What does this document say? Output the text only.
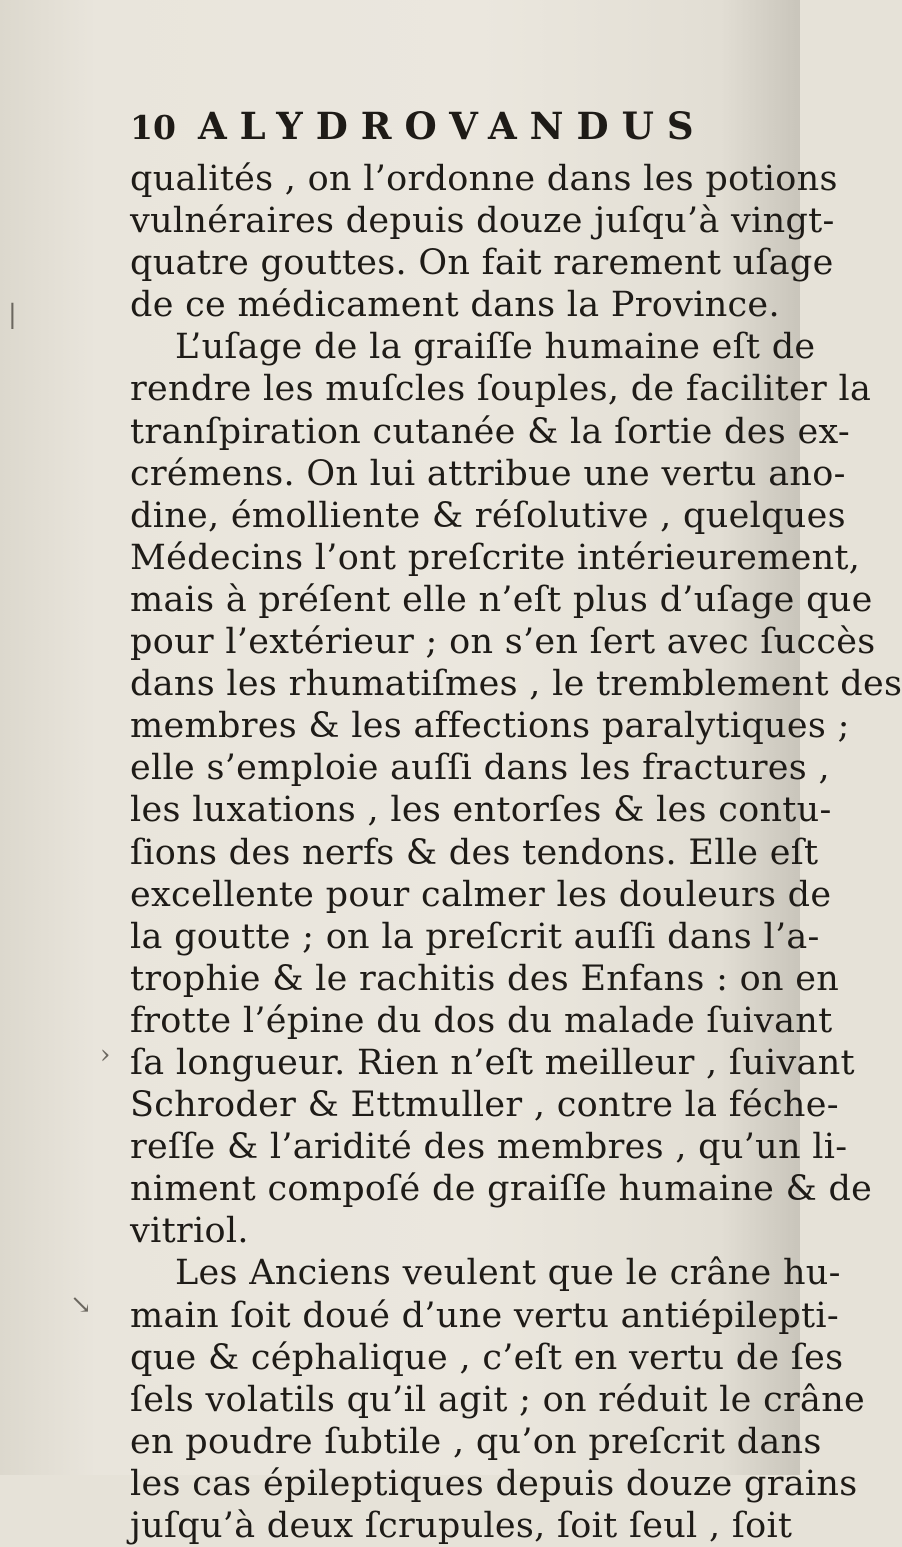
10 ALYDROVANDUS
qualités , on l’ordonne dans les potions
vulnéraires depuis douze juſqu’à vingt-
quatre gouttes. On fait rarement uſage
de ce médicament dans la Province.
L’uſage de la graiſſe humaine eſt de
rendre les muſcles ſouples, de faciliter la
tranſpiration cutanée & la ſortie des ex-
crémens. On lui attribue une vertu ano-
dine, émolliente & réſolutive , quelques
Médecins l’ont preſcrite intérieurement,
mais à préſent elle n’eſt plus d’uſage que
pour l’extérieur ; on s’en ſert avec ſuccès
dans les rhumatiſmes , le tremblement des
membres & les affections paralytiques ;
elle s’emploie auſſi dans les fractures ,
les luxations , les entorſes & les contu-
ſions des nerfs & des tendons. Elle eſt
excellente pour calmer les douleurs de
la goutte ; on la preſcrit auſſi dans l’a-
trophie & le rachitis des Enfans : on en
frotte l’épine du dos du malade ſuivant
ſa longueur. Rien n’eſt meilleur , ſuivant
Schroder & Ettmuller , contre la féche-
reſſe & l’aridité des membres , qu’un li-
niment compoſé de graiſſe humaine & de
vitriol.
Les Anciens veulent que le crâne hu-
main ſoit doué d’une vertu antiépilepti-
que & céphalique , c’eſt en vertu de ſes
ſels volatils qu’il agit ; on réduit le crâne
en poudre ſubtile , qu’on preſcrit dans
les cas épileptiques depuis douze grains
juſqu’à deux ſcrupules, ſoit ſeul , ſoit
|
›
↘
